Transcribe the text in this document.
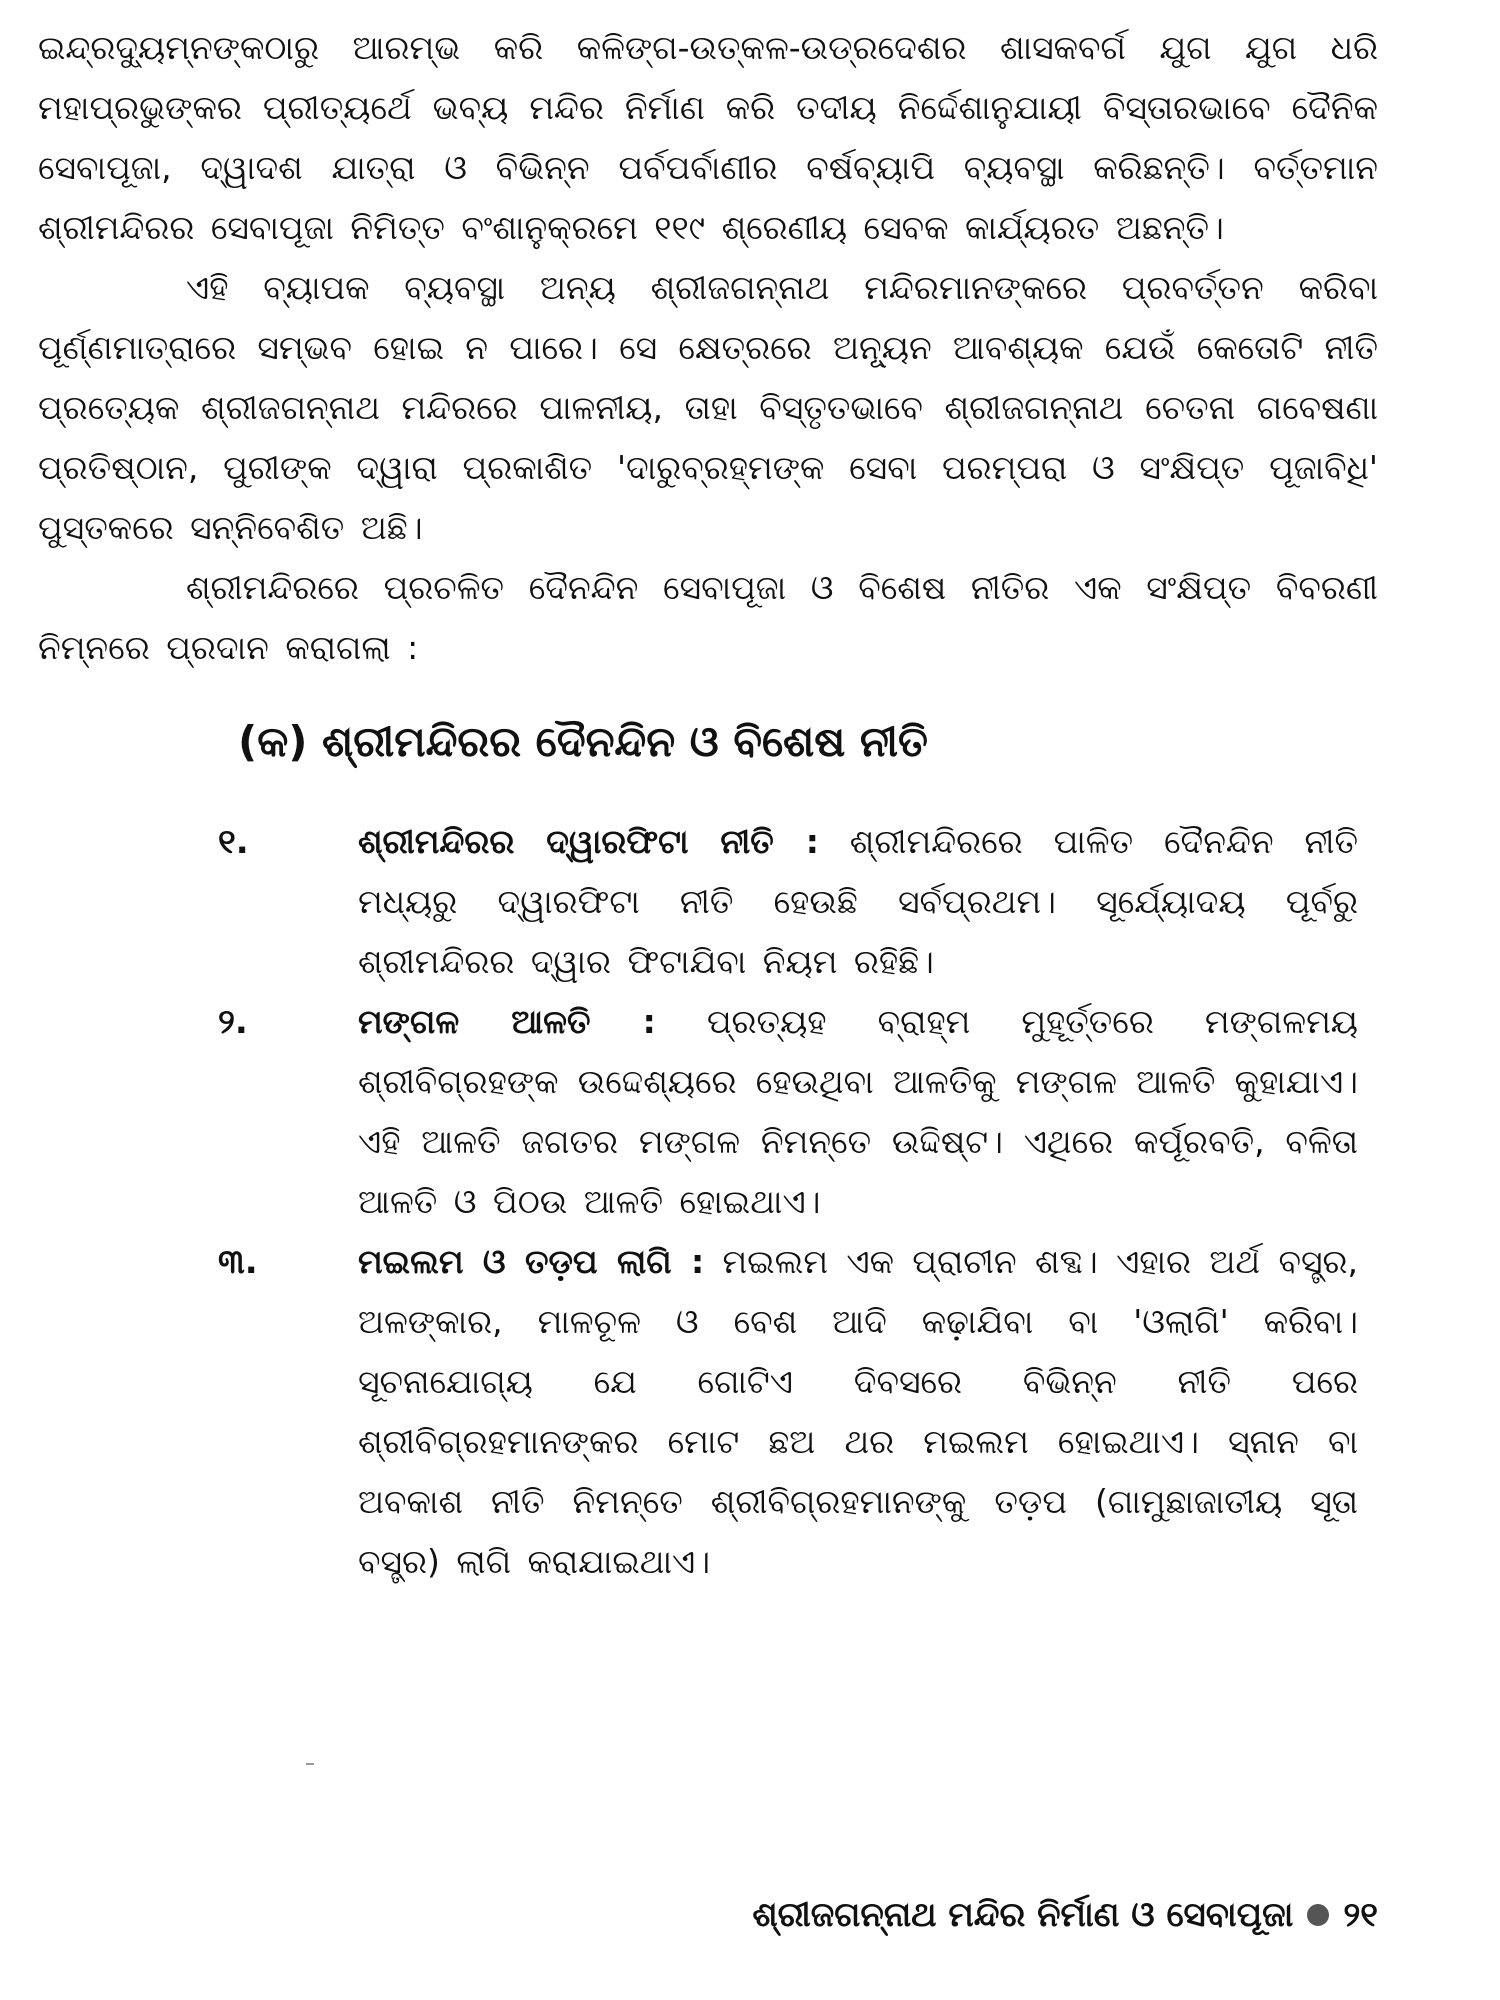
ଇନ୍ଦ୍ରଦ୍ୟୁମ୍ନଙ୍କଠାରୁ ଆରମ୍ଭ କରି କଳିଙ୍ଗ-ଉତ୍କଳ-ଉଡ୍ରଦେଶର ଶାସକବର୍ଗ ଯୁଗ ଯୁଗ ଧରି ମହାପ୍ରଭୁଙ୍କର ପ୍ରୀତ୍ୟର୍ଥେ ଭବ୍ୟ ମନ୍ଦିର ନିର୍ମାଣ କରି ତଦୀୟ ନିର୍ଦ୍ଦେଶାନୁଯାୟୀ ବିସ୍ତାରଭାବେ ଦୈନିକ ସେବାପୂଜା, ଦ୍ୱାଦଶ ଯାତ୍ରା ଓ ବିଭିନ୍ନ ପର୍ବପର୍ବାଣୀର ବର୍ଷବ୍ୟାପି ବ୍ୟବସ୍ଥା କରିଛନ୍ତି। ବର୍ତ୍ତମାନ ଶ୍ରୀମନ୍ଦିରର ସେବାପୂଜା ନିମିତ୍ତ ବଂଶାନୁକ୍ରମେ ୧୧୯ ଶ୍ରେଣୀୟ ସେବକ କାର୍ଯ୍ୟରତ ଅଛନ୍ତି।

ଏହି ବ୍ୟାପକ ବ୍ୟବସ୍ଥା ଅନ୍ୟ ଶ୍ରୀଜଗନ୍ନାଥ ମନ୍ଦିରମାନଙ୍କରେ ପ୍ରବର୍ତ୍ତନ କରିବା ପୂର୍ଣ୍ଣମାତ୍ରାରେ ସମ୍ଭବ ହୋଇ ନ ପାରେ। ସେ କ୍ଷେତ୍ରରେ ଅନ୍ୟୂନ ଆବଶ୍ୟକ ଯେଉଁ କେତୋଟି ନୀତି ପ୍ରତ୍ୟେକ ଶ୍ରୀଜଗନ୍ନାଥ ମନ୍ଦିରରେ ପାଳନୀୟ, ତାହା ବିସ୍ତୃତଭାବେ ଶ୍ରୀଜଗନ୍ନାଥ ଚେତନା ଗବେଷଣା ପ୍ରତିଷ୍ଠାନ, ପୁରୀଙ୍କ ଦ୍ୱାରା ପ୍ରକାଶିତ 'ଦାରୁବ୍ରହ୍ମଙ୍କ ସେବା ପରମ୍ପରା ଓ ସଂକ୍ଷିପ୍ତ ପୂଜାବିଧି' ପୁସ୍ତକରେ ସନ୍ନିବେଶିତ ଅଛି।

ଶ୍ରୀମନ୍ଦିରରେ ପ୍ରଚଳିତ ଦୈନନ୍ଦିନ ସେବାପୂଜା ଓ ବିଶେଷ ନୀତିର ଏକ ସଂକ୍ଷିପ୍ତ ବିବରଣୀ ନିମ୍ନରେ ପ୍ରଦାନ କରାଗଲା :

(କ) ଶ୍ରୀମନ୍ଦିରର ଦୈନନ୍ଦିନ ଓ ବିଶେଷ ନୀତି
୧.	ଶ୍ରୀମନ୍ଦିରର ଦ୍ୱାରଫିଟା ନୀତି : ଶ୍ରୀମନ୍ଦିରରେ ପାଳିତ ଦୈନନ୍ଦିନ ନୀତି ମଧ୍ୟରୁ ଦ୍ୱାରଫିଟା ନୀତି ହେଉଛି ସର୍ବପ୍ରଥମ। ସୂର୍ଯ୍ୟୋଦୟ ପୂର୍ବରୁ ଶ୍ରୀମନ୍ଦିରର ଦ୍ୱାର ଫିଟାଯିବା ନିୟମ ରହିଛି।
୨.	ମଙ୍ଗଳ ଆଳତି : ପ୍ରତ୍ୟହ ବ୍ରାହ୍ମ ମୁହୂର୍ତ୍ତରେ ମଙ୍ଗଳମୟ ଶ୍ରୀବିଗ୍ରହଙ୍କ ଉଦ୍ଦେଶ୍ୟରେ ହେଉଥିବା ଆଳତିକୁ ମଙ୍ଗଳ ଆଳତି କୁହାଯାଏ। ଏହି ଆଳତି ଜଗତର ମଙ୍ଗଳ ନିମନ୍ତେ ଉଦ୍ଦିଷ୍ଟ। ଏଥିରେ କର୍ପୂରବତି, ବଳିତା ଆଳତି ଓ ପିଠଉ ଆଳତି ହୋଇଥାଏ।
୩.	ମଇଲମ ଓ ତଡ଼ପ ଲାଗି : ମଇଲମ ଏକ ପ୍ରାଚୀନ ଶବ୍ଦ। ଏହାର ଅର୍ଥ ବସ୍ତ୍ର, ଅଳଙ୍କାର, ମାଳଚୂଳ ଓ ବେଶ ଆଦି କଢ଼ାଯିବା ବା 'ଓଲାଗି' କରିବା। ସୂଚନାଯୋଗ୍ୟ ଯେ ଗୋଟିଏ ଦିବସରେ ବିଭିନ୍ନ ନୀତି ପରେ ଶ୍ରୀବିଗ୍ରହମାନଙ୍କର ମୋଟ ଛଅ ଥର ମଇଲମ ହୋଇଥାଏ। ସ୍ନାନ ବା ଅବକାଶ ନୀତି ନିମନ୍ତେ ଶ୍ରୀବିଗ୍ରହମାନଙ୍କୁ ତଡ଼ପ (ଗାମୁଛାଜାତୀୟ ସୂତା ବସ୍ତ୍ର) ଲାଗି କରାଯାଇଥାଏ।
ଶ୍ରୀଜଗନ୍ନାଥ ମନ୍ଦିର ନିର୍ମାଣ ଓ ସେବାପୂଜା ୨୧
